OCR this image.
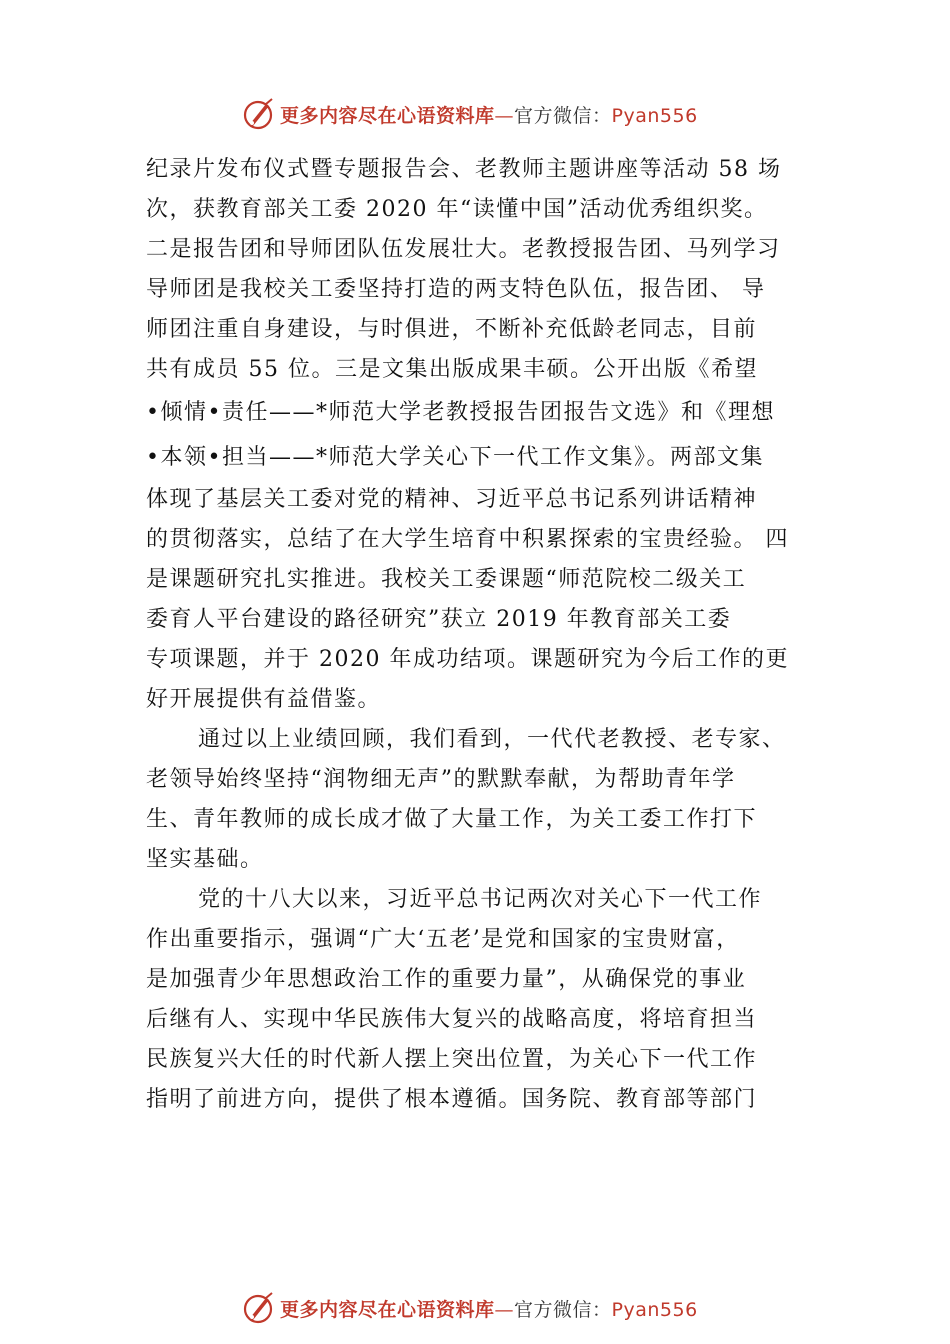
更多内容尽在心语资料库—官方微信：Pyan556
纪录片发布仪式暨专题报告会、老教师主题讲座等活动 58 场
次，获教育部关工委 2020 年“读懂中国”活动优秀组织奖。
二是报告团和导师团队伍发展壮大。老教授报告团、马列学习
导师团是我校关工委坚持打造的两支特色队伍，报告团、 导
师团注重自身建设，与时俱进，不断补充低龄老同志，目前
共有成员 55 位。三是文集出版成果丰硕。公开出版《希望
•倾情•责任——*师范大学老教授报告团报告文选》和《理想
•本领•担当——*师范大学关心下一代工作文集》。两部文集
体现了基层关工委对党的精神、习近平总书记系列讲话精神
的贯彻落实，总结了在大学生培育中积累探索的宝贵经验。 四
是课题研究扎实推进。我校关工委课题“师范院校二级关工
委育人平台建设的路径研究”获立 2019 年教育部关工委
专项课题，并于 2020 年成功结项。课题研究为今后工作的更
好开展提供有益借鉴。
通过以上业绩回顾，我们看到，一代代老教授、老专家、
老领导始终坚持“润物细无声”的默默奉献，为帮助青年学
生、青年教师的成长成才做了大量工作，为关工委工作打下
坚实基础。
党的十八大以来，习近平总书记两次对关心下一代工作
作出重要指示，强调“广大‘五老’是党和国家的宝贵财富，
是加强青少年思想政治工作的重要力量”，从确保党的事业
后继有人、实现中华民族伟大复兴的战略高度，将培育担当
民族复兴大任的时代新人摆上突出位置，为关心下一代工作
指明了前进方向，提供了根本遵循。国务院、教育部等部门
更多内容尽在心语资料库—官方微信：Pyan556
